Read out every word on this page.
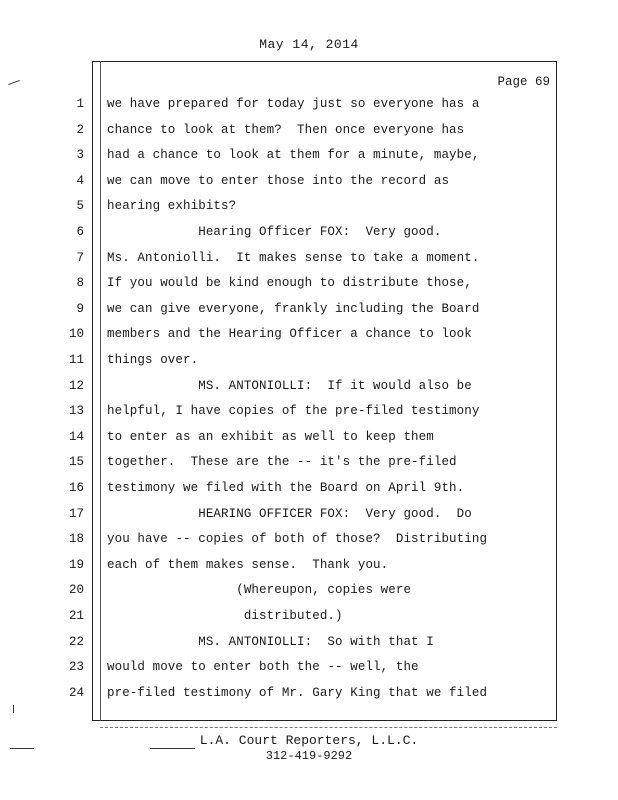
May 14, 2014
Page 69
1 we have prepared for today just so everyone has a
2 chance to look at them?  Then once everyone has
3 had a chance to look at them for a minute, maybe,
4 we can move to enter those into the record as
5 hearing exhibits?
6 Hearing Officer FOX:  Very good.
7 Ms. Antoniolli.  It makes sense to take a moment.
8 If you would be kind enough to distribute those,
9 we can give everyone, frankly including the Board
10 members and the Hearing Officer a chance to look
11 things over.
12 MS. ANTONIOLLI:  If it would also be
13 helpful, I have copies of the pre-filed testimony
14 to enter as an exhibit as well to keep them
15 together.  These are the -- it's the pre-filed
16 testimony we filed with the Board on April 9th.
17 HEARING OFFICER FOX:  Very good.  Do
18 you have -- copies of both of those?  Distributing
19 each of them makes sense.  Thank you.
20 (Whereupon, copies were
21 distributed.)
22 MS. ANTONIOLLI:  So with that I
23 would move to enter both the -- well, the
24 pre-filed testimony of Mr. Gary King that we filed
L.A. Court Reporters, L.L.C.
312-419-9292
